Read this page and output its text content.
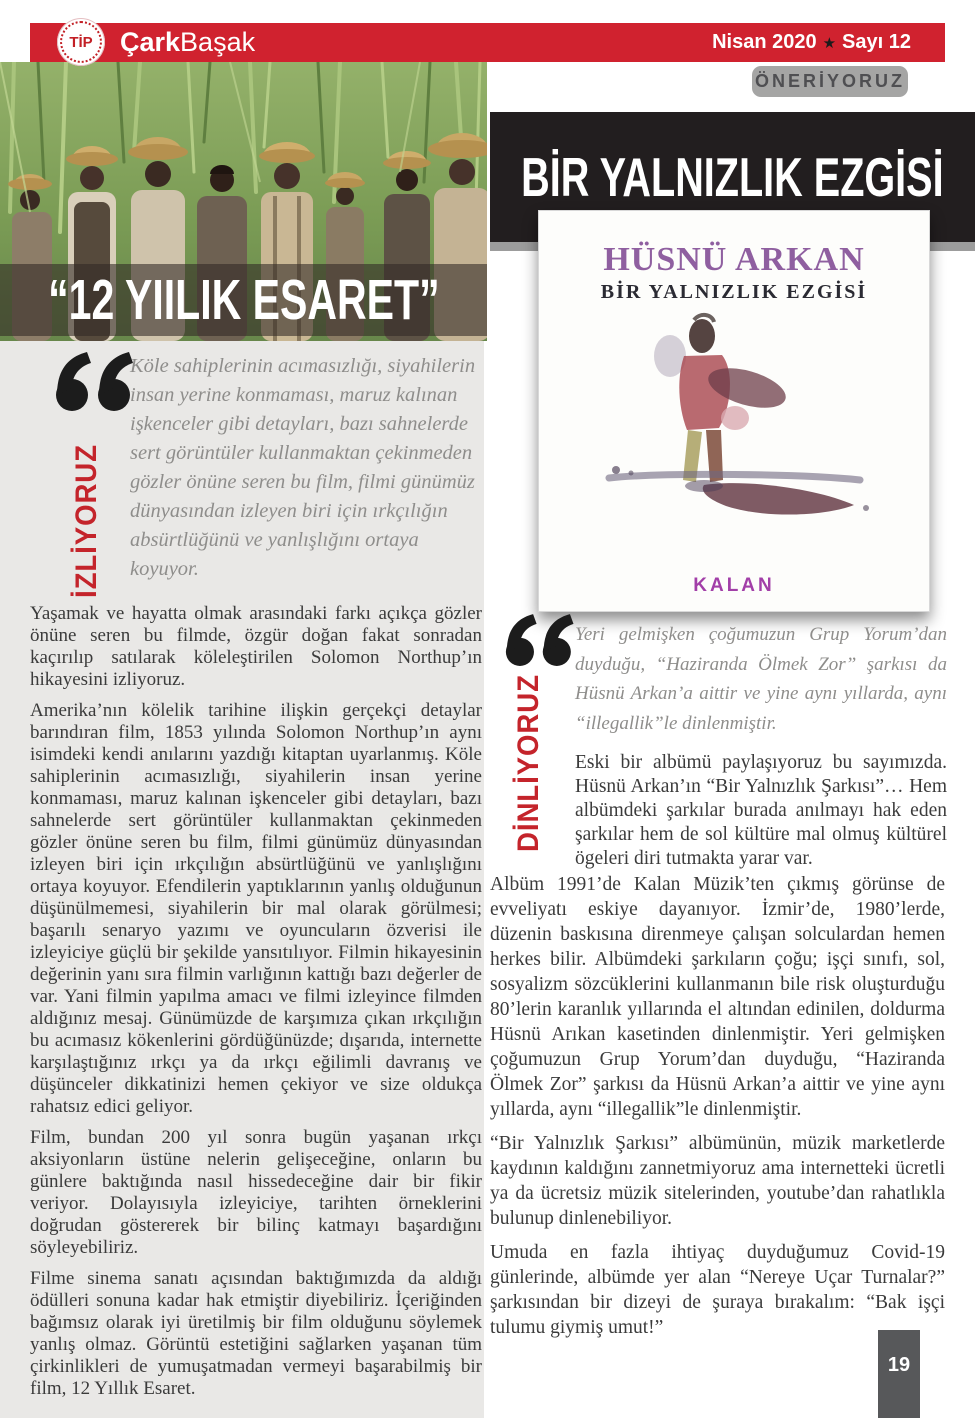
“12 YIILIK ESARET”
TİP ÇarkBaşak	Nisan 2020 ★ Sayı 12
İZLİYORUZ
Köle sahiplerinin acımasızlığı, siyahilerin insan yerine konmaması, maruz kalınan işkenceler gibi detayları, bazı sahnelerde sert görüntüler kullanmaktan çekinmeden gözler önüne seren bu film, filmi günümüz dünyasından izleyen biri için ırkçılığın absürtlüğünü ve yanlışlığını ortaya koyuyor.

Yaşamak ve hayatta olmak arasındaki farkı açıkça gözler önüne seren bu filmde, özgür doğan fakat sonradan kaçırılıp satılarak köleleştirilen Solomon Northup’ın hikayesini izliyoruz.

Amerika’nın kölelik tarihine ilişkin gerçekçi detaylar barındıran film, 1853 yılında Solomon Northup’ın aynı isimdeki kendi anılarını yazdığı kitaptan uyarlanmış. Köle sahiplerinin acımasızlığı, siyahilerin insan yerine konmaması, maruz kalınan işkenceler gibi detayları, bazı sahnelerde sert görüntüler kullanmaktan çekinmeden gözler önüne seren bu film, filmi günümüz dünyasından izleyen biri için ırkçılığın absürtlüğünü ve yanlışlığını ortaya koyuyor. Efendilerin yaptıklarının yanlış olduğunun düşünülmemesi, siyahilerin bir mal olarak görülmesi; başarılı senaryo yazımı ve oyuncuların özverisi ile izleyiciye güçlü bir şekilde yansıtılıyor. Filmin hikayesinin değerinin yanı sıra filmin varlığının kattığı bazı değerler de var. Yani filmin yapılma amacı ve filmi izleyince filmden aldığınız mesaj. Günümüzde de karşımıza çıkan ırkçılığın bu acımasız kökenlerini gördüğünüzde; dışarıda, internette karşılaştığınız ırkçı ya da ırkçı eğilimli davranış ve düşünceler dikkatinizi hemen çekiyor ve size oldukça rahatsız edici geliyor.

Film, bundan 200 yıl sonra bugün yaşanan ırkçı aksiyonların üstüne nelerin gelişeceğine, onların bu günlere baktığında nasıl hissedeceğine dair bir fikir veriyor. Dolayısıyla izleyiciye, tarihten örneklerini doğrudan göstererek bir bilinç katmayı başardığını söyleyebiliriz.

Filme sinema sanatı açısından baktığımızda da aldığı ödülleri sonuna kadar hak etmiştir diyebiliriz. İçeriğinden bağımsız olarak iyi üretilmiş bir film olduğunu söylemek yanlış olmaz. Görüntü estetiğini sağlarken yaşanan tüm çirkinlikleri de yumuşatmadan vermeyi başarabilmiş bir film, 12 Yıllık Esaret.

ÖNERİYORUZ
BİR YALNIZLIK EZGİSİ
HÜSNÜ ARKAN
BİR YALNIZLIK EZGİSİ
KALAN
DİNLİYORUZ
Yeri gelmişken çoğumuzun Grup Yorum’dan duyduğu, “Haziranda Ölmek Zor” şarkısı da Hüsnü Arkan’a aittir ve yine aynı yıllarda, aynı “illegallik”le dinlenmiştir.
Eski bir albümü paylaşıyoruz bu sayımızda. Hüsnü Arkan’ın “Bir Yalnızlık Şarkısı”… Hem albümdeki şarkılar burada anılmayı hak eden şarkılar hem de sol kültüre mal olmuş kültürel ögeleri diri tutmakta yarar var.

Albüm 1991’de Kalan Müzik’ten çıkmış görünse de evveliyatı eskiye dayanıyor. İzmir’de, 1980’lerde, düzenin baskısına direnmeye çalışan solculardan hemen herkes bilir. Albümdeki şarkıların çoğu; işçi sınıfı, sol, sosyalizm sözcüklerini kullanmanın bile risk oluşturduğu 80’lerin karanlık yıllarında el altından edinilen, doldurma Hüsnü Arıkan kasetinden dinlenmiştir. Yeri gelmişken çoğumuzun Grup Yorum’dan duyduğu, “Haziranda Ölmek Zor” şarkısı da Hüsnü Arkan’a aittir ve yine aynı yıllarda, aynı “illegallik”le dinlenmiştir.

“Bir Yalnızlık Şarkısı” albümünün, müzik marketlerde kaydının kaldığını zannetmiyoruz ama internetteki ücretli ya da ücretsiz müzik sitelerinden, youtube’dan rahatlıkla bulunup dinlenebiliyor.

Umuda en fazla ihtiyaç duyduğumuz Covid-19 günlerinde, albümde yer alan “Nereye Uçar Turnalar?” şarkısından bir dizeyi de şuraya bırakalım: “Bak işçi tulumu giymiş umut!”

19
